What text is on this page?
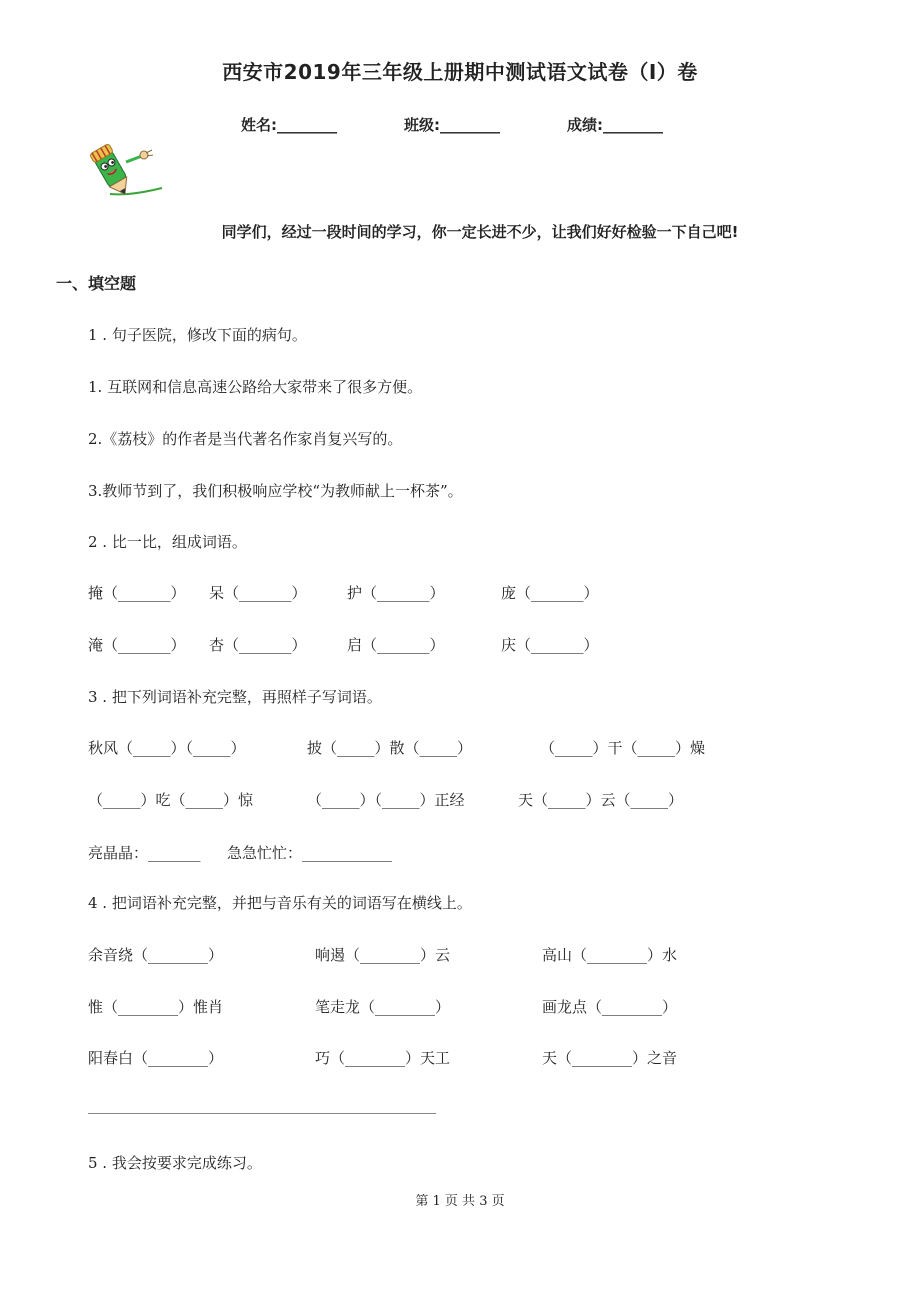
西安市2019年三年级上册期中测试语文试卷（I）卷
姓名:________	班级:________	成绩:________
同学们，经过一段时间的学习，你一定长进不少，让我们好好检验一下自己吧!
一、填空题
1 . 句子医院，修改下面的病句。
1. 互联网和信息高速公路给大家带来了很多方便。
2.《荔枝》的作者是当代著名作家肖复兴写的。
3.教师节到了，我们积极响应学校“为教师献上一杯茶”。
2 . 比一比，组成词语。
掩（_______） 呆（_______）	护（_______）	庞（_______）
淹（_______） 杏（_______）	启（_______）	庆（_______）
3 . 把下列词语补充完整，再照样子写词语。
秋风（_____）（_____）	披（_____）散（_____）	（_____）干（_____）燥
（_____）吃（_____）惊	（_____）（_____）正经	天（_____）云（_____）
亮晶晶：_______ 急急忙忙：____________
4 . 把词语补充完整，并把与音乐有关的词语写在横线上。
余音绕（________）	响遏（________）云	高山（________）水
惟（________）惟肖	笔走龙（________）	画龙点（________）
阳春白（________）	巧（________）天工	天（________）之音
5 . 我会按要求完成练习。
第 1 页 共 3 页
